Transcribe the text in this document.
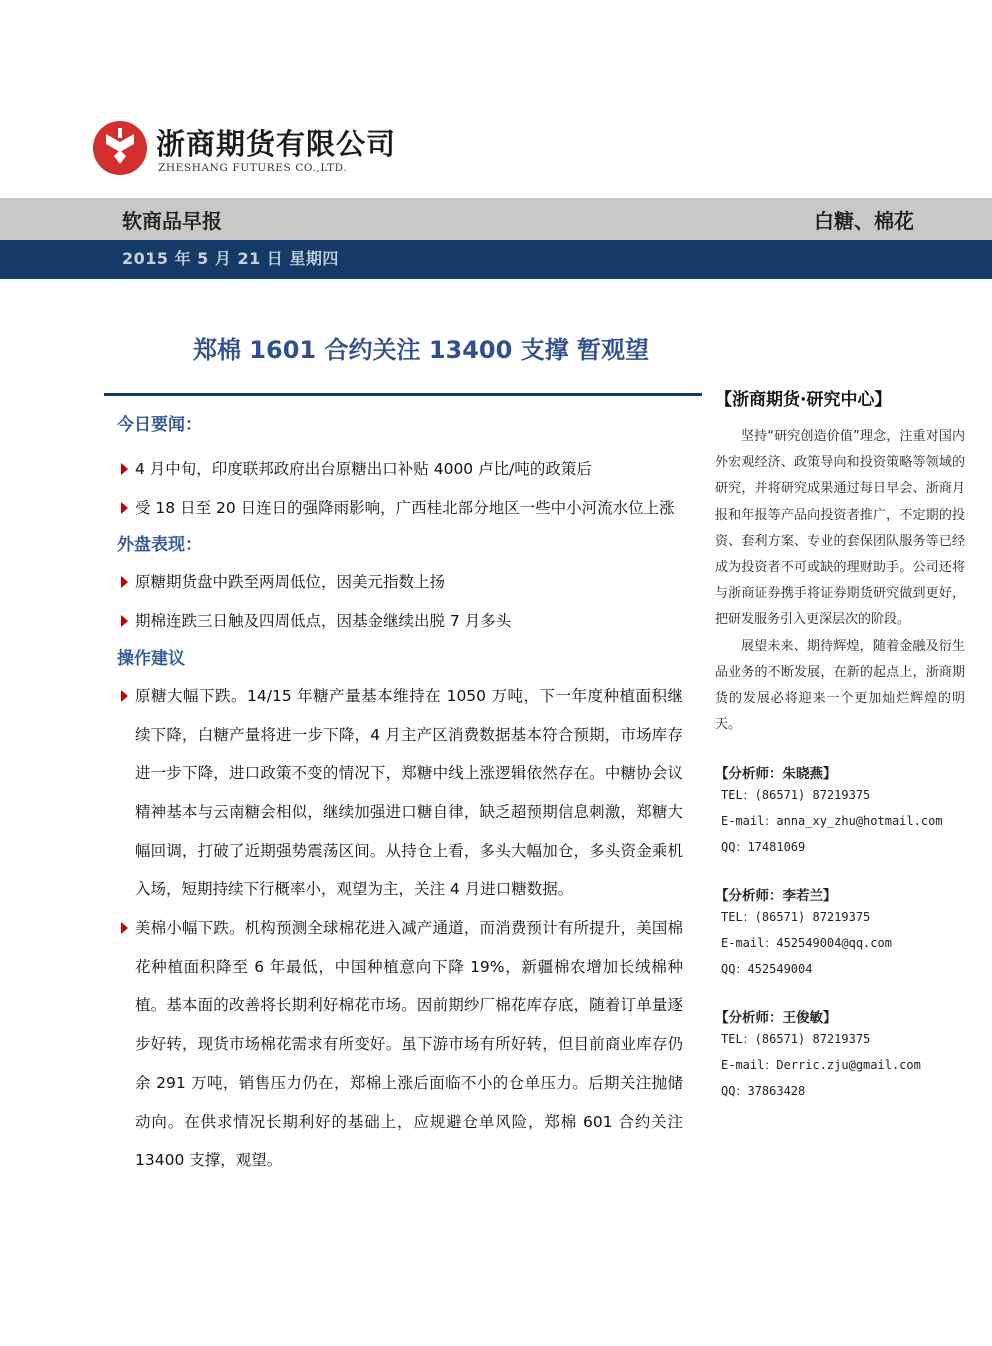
浙商期货有限公司
ZHESHANG FUTURES CO.,LTD.
软商品早报	白糖、棉花
2015 年 5 月 21 日 星期四
郑棉 1601 合约关注 13400 支撑 暂观望

今日要闻：

4 月中旬，印度联邦政府出台原糖出口补贴 4000 卢比/吨的政策后

受 18 日至 20 日连日的强降雨影响，广西桂北部分地区一些中小河流水位上涨

外盘表现：

原糖期货盘中跌至两周低位，因美元指数上扬

期棉连跌三日触及四周低点，因基金继续出脱 7 月多头

操作建议

原糖大幅下跌。14/15 年糖产量基本维持在 1050 万吨，下一年度种植面积继续下降，白糖产量将进一步下降，4 月主产区消费数据基本符合预期，市场库存进一步下降，进口政策不变的情况下，郑糖中线上涨逻辑依然存在。中糖协会议精神基本与云南糖会相似，继续加强进口糖自律，缺乏超预期信息刺激，郑糖大幅回调，打破了近期强势震荡区间。从持仓上看，多头大幅加仓，多头资金乘机入场，短期持续下行概率小，观望为主，关注 4 月进口糖数据。

美棉小幅下跌。机构预测全球棉花进入减产通道，而消费预计有所提升，美国棉花种植面积降至 6 年最低，中国种植意向下降 19%，新疆棉农增加长绒棉种植。基本面的改善将长期利好棉花市场。因前期纱厂棉花库存底，随着订单量逐步好转，现货市场棉花需求有所变好。虽下游市场有所好转，但目前商业库存仍余 291 万吨，销售压力仍在，郑棉上涨后面临不小的仓单压力。后期关注抛储动向。在供求情况长期利好的基础上，应规避仓单风险，郑棉 601 合约关注 13400 支撑，观望。

【浙商期货·研究中心】

坚持“研究创造价值”理念，注重对国内外宏观经济、政策导向和投资策略等领域的研究，并将研究成果通过每日早会、浙商月报和年报等产品向投资者推广，不定期的投资、套利方案、专业的套保团队服务等已经成为投资者不可或缺的理财助手。公司还将与浙商证券携手将证券期货研究做到更好，把研发服务引入更深层次的阶段。

展望未来、期待辉煌，随着金融及衍生品业务的不断发展，在新的起点上，浙商期货的发展必将迎来一个更加灿烂辉煌的明天。

【分析师：朱晓燕】

TEL：(86571) 87219375

E-mail：anna_xy_zhu@hotmail.com

QQ：17481069

【分析师：李若兰】

TEL：(86571) 87219375

E-mail：452549004@qq.com

QQ：452549004

【分析师：王俊敏】

TEL：(86571) 87219375

E-mail：Derric.zju@gmail.com

QQ：37863428
